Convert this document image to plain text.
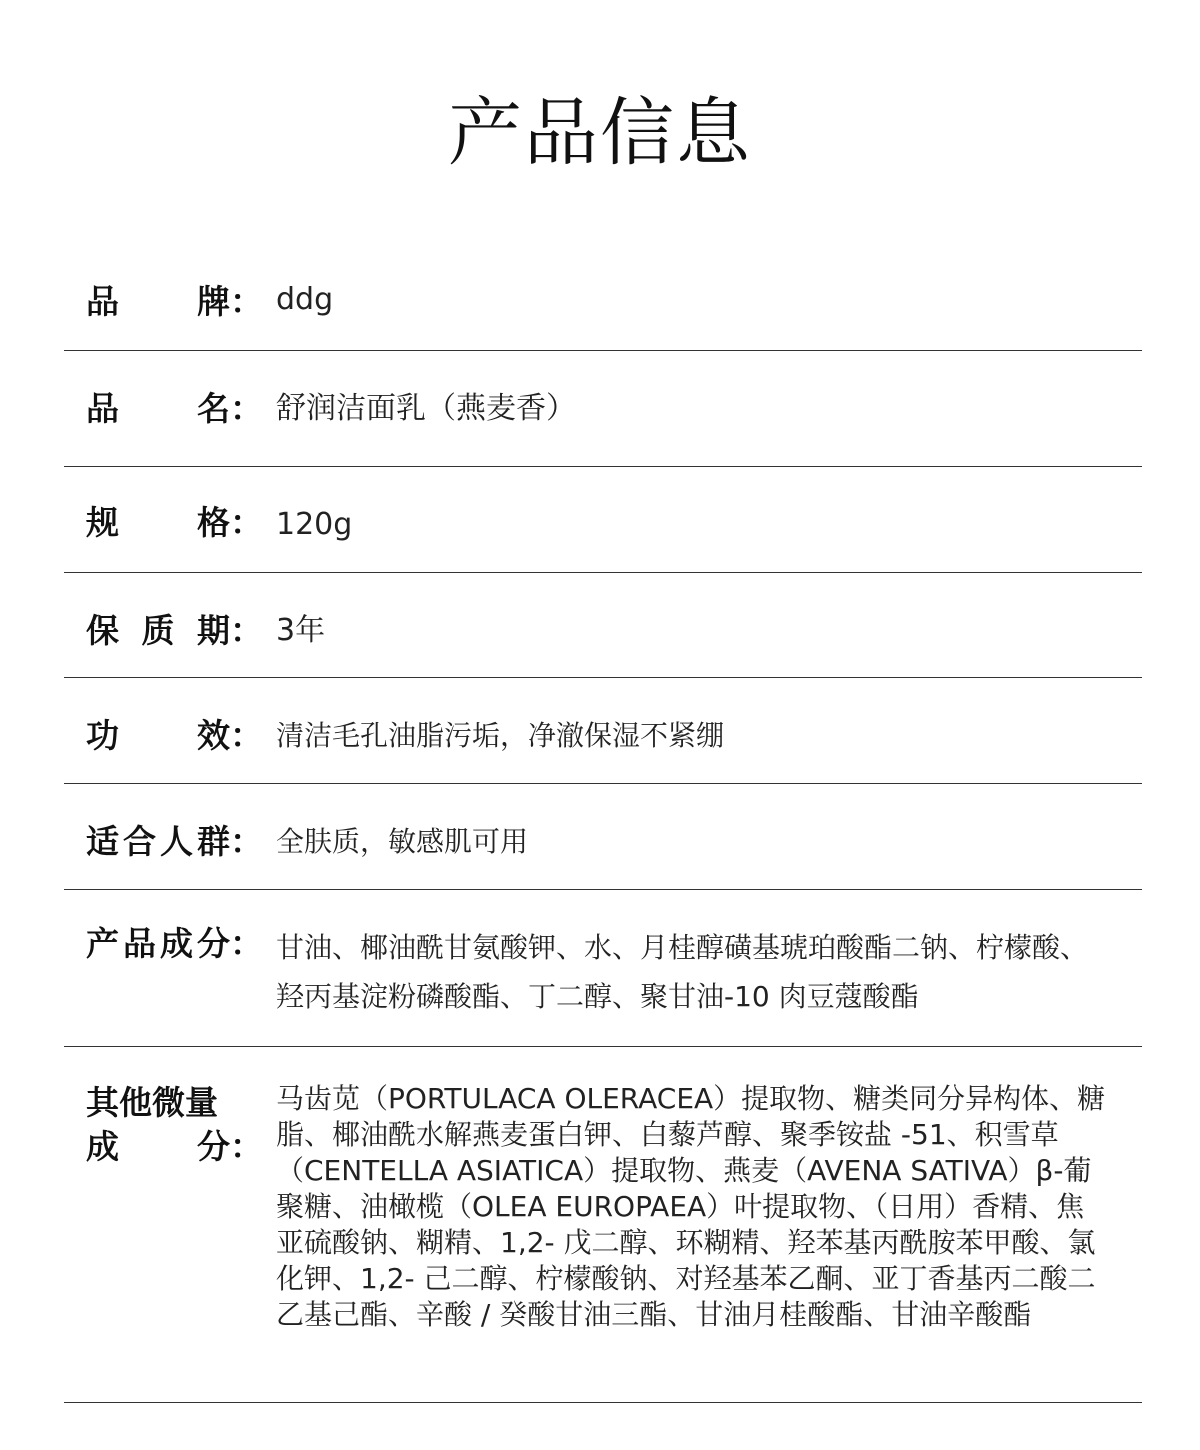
产品信息
品 牌 ： ddg
品 名 ： 舒润洁面乳（燕麦香）
规 格 ： 120g
保 质 期 ： 3年
功 效 ： 清洁毛孔油脂污垢，净澈保湿不紧绷
适 合 人 群 ： 全肤质，敏感肌可用
产 品 成 分 ： 甘油、椰油酰甘氨酸钾、水、月桂醇磺基琥珀酸酯二钠、柠檬酸、羟丙基淀粉磷酸酯、丁二醇、聚甘油-10 肉豆蔻酸酯
其他微量
成 分 ：
马齿苋（PORTULACA OLERACEA）提取物、糖类同分异构体、糖脂、椰油酰水解燕麦蛋白钾、白藜芦醇、聚季铵盐 -51、积雪草（CENTELLA ASIATICA）提取物、燕麦（AVENA SATIVA）β-葡聚糖、油橄榄（OLEA EUROPAEA）叶提取物、（日用）香精、焦亚硫酸钠、糊精、1,2- 戊二醇、环糊精、羟苯基丙酰胺苯甲酸、氯化钾、1,2- 己二醇、柠檬酸钠、对羟基苯乙酮、亚丁香基丙二酸二乙基己酯、辛酸 / 癸酸甘油三酯、甘油月桂酸酯、甘油辛酸酯
